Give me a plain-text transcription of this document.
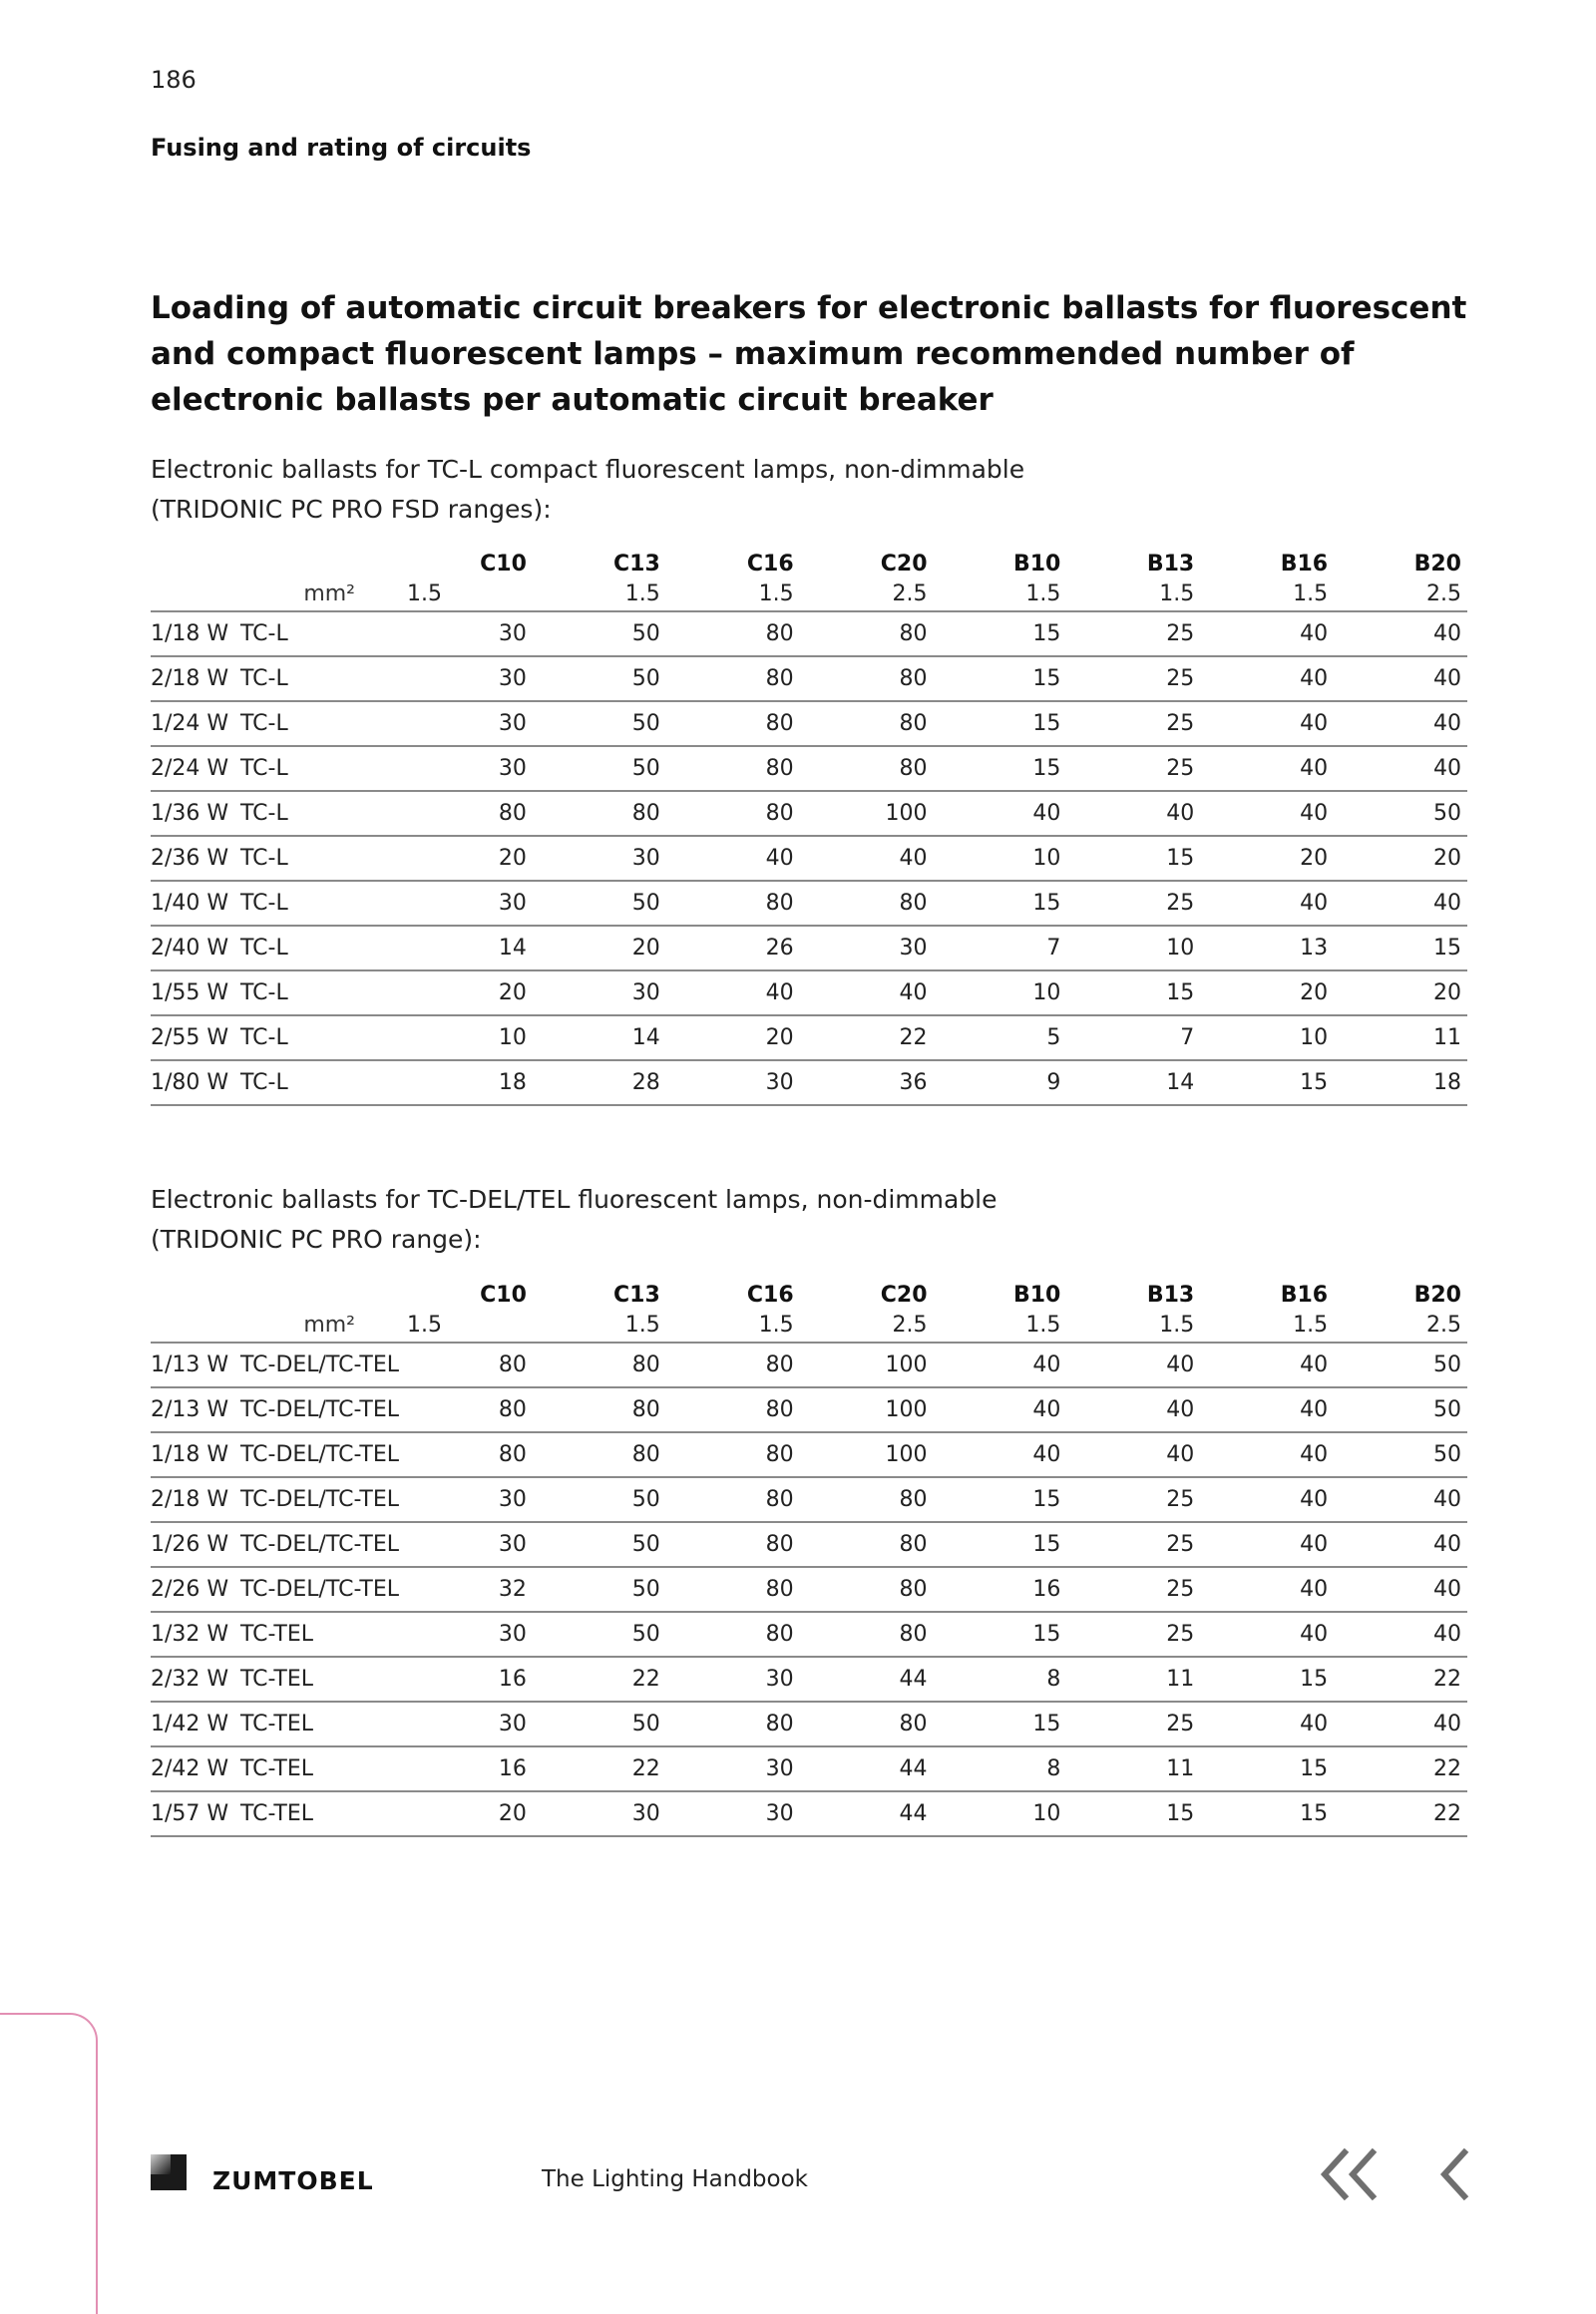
186
Fusing and rating of circuits
Loading of automatic circuit breakers for electronic ballasts for fluorescent and compact fluorescent lamps – maximum recommended number of electronic ballasts per automatic circuit breaker
Electronic ballasts for TC-L compact fluorescent lamps, non-dimmable
(TRIDONIC PC PRO FSD ranges):
		C10	C13	C16	C20	B10	B13	B16	B20
mm²		1.5	1.5	1.5	2.5	1.5	1.5	1.5	2.5
1/18 W TC-L		30	50	80	80	15	25	40	40
2/18 W TC-L		30	50	80	80	15	25	40	40
1/24 W TC-L		30	50	80	80	15	25	40	40
2/24 W TC-L		30	50	80	80	15	25	40	40
1/36 W TC-L		80	80	80	100	40	40	40	50
2/36 W TC-L		20	30	40	40	10	15	20	20
1/40 W TC-L		30	50	80	80	15	25	40	40
2/40 W TC-L		14	20	26	30	7	10	13	15
1/55 W TC-L		20	30	40	40	10	15	20	20
2/55 W TC-L		10	14	20	22	5	7	10	11
1/80 W TC-L		18	28	30	36	9	14	15	18
Electronic ballasts for TC-DEL/TEL fluorescent lamps, non-dimmable
(TRIDONIC PC PRO range):
		C10	C13	C16	C20	B10	B13	B16	B20
mm²		1.5	1.5	1.5	2.5	1.5	1.5	1.5	2.5
1/13 W TC-DEL/TC-TEL		80	80	80	100	40	40	40	50
2/13 W TC-DEL/TC-TEL		80	80	80	100	40	40	40	50
1/18 W TC-DEL/TC-TEL		80	80	80	100	40	40	40	50
2/18 W TC-DEL/TC-TEL		30	50	80	80	15	25	40	40
1/26 W TC-DEL/TC-TEL		30	50	80	80	15	25	40	40
2/26 W TC-DEL/TC-TEL		32	50	80	80	16	25	40	40
1/32 W TC-TEL		30	50	80	80	15	25	40	40
2/32 W TC-TEL		16	22	30	44	8	11	15	22
1/42 W TC-TEL		30	50	80	80	15	25	40	40
2/42 W TC-TEL		16	22	30	44	8	11	15	22
1/57 W TC-TEL		20	30	30	44	10	15	15	22
ZUMTOBEL	The Lighting Handbook
